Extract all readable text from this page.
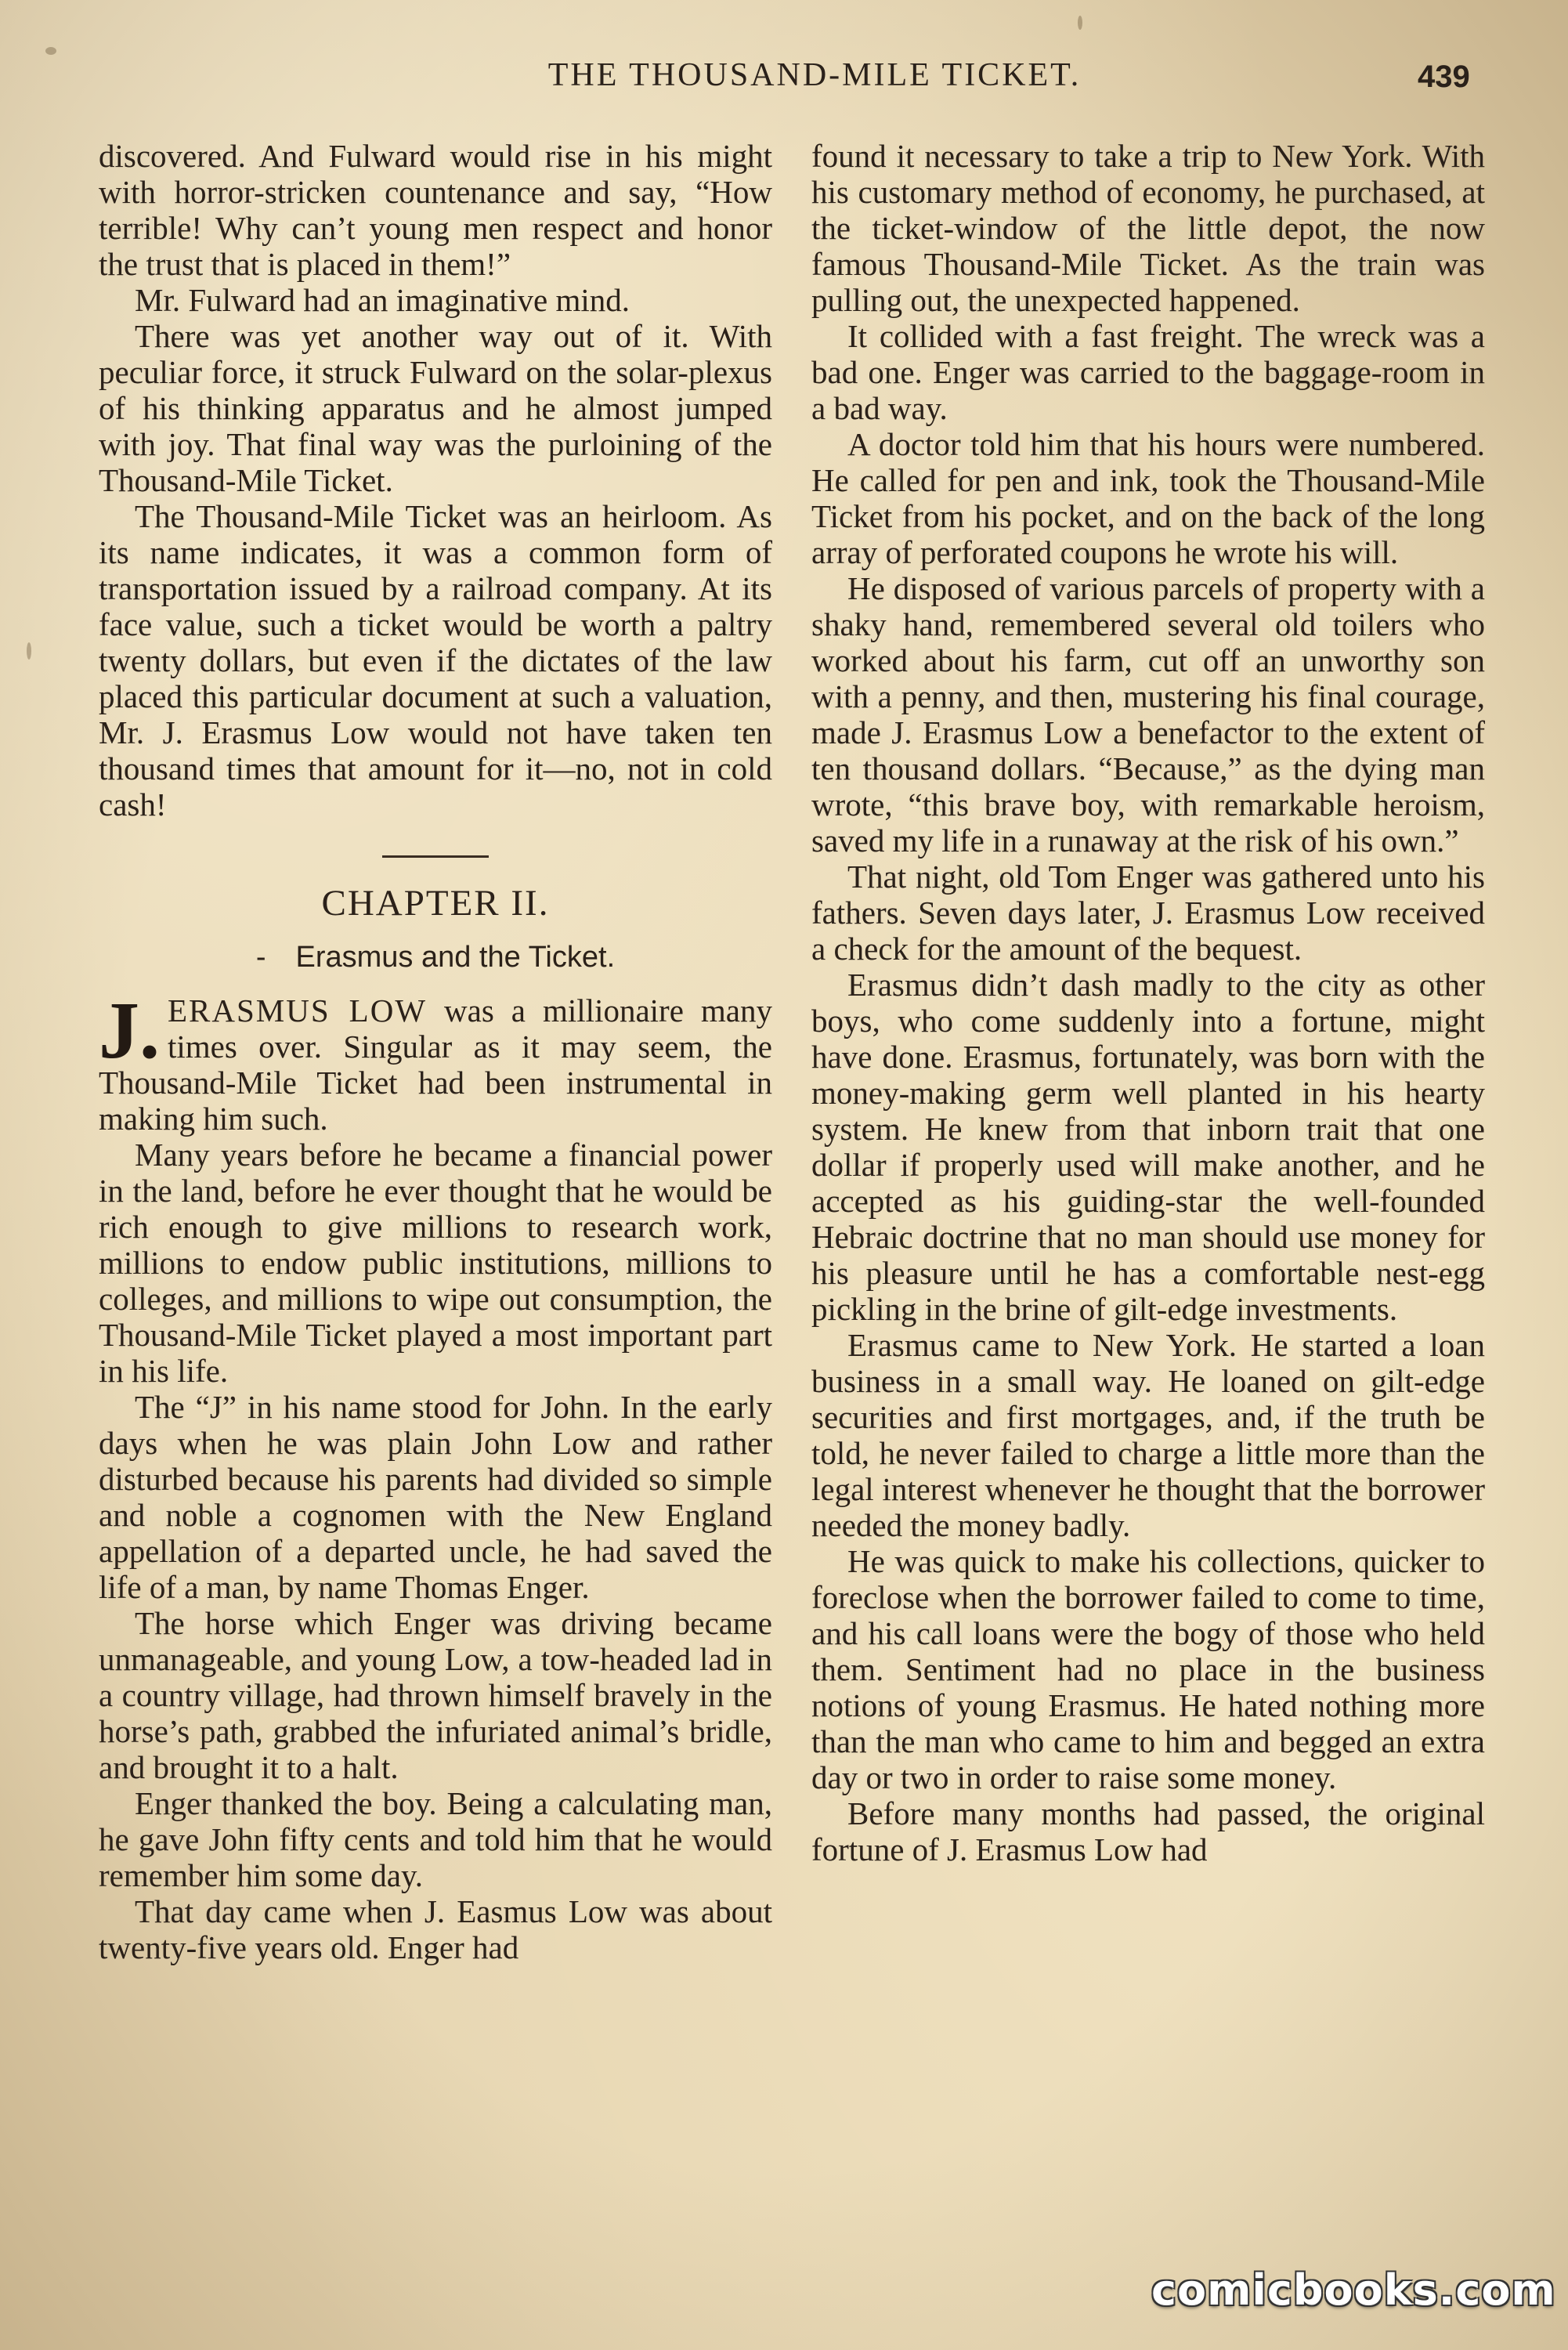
THE THOUSAND-MILE TICKET.	439

discovered. And Fulward would rise in his might with horror-stricken countenance and say, “How terrible! Why can’t young men respect and honor the trust that is placed in them!”

Mr. Fulward had an imaginative mind.

There was yet another way out of it. With peculiar force, it struck Fulward on the solar-plexus of his thinking apparatus and he almost jumped with joy. That final way was the purloining of the Thousand-Mile Ticket.

The Thousand-Mile Ticket was an heirloom. As its name indicates, it was a common form of transportation issued by a railroad company. At its face value, such a ticket would be worth a paltry twenty dollars, but even if the dictates of the law placed this particular document at such a valuation, Mr. J. Erasmus Low would not have taken ten thousand times that amount for it—no, not in cold cash!

CHAPTER II.
- Erasmus and the Ticket.

J. ERASMUS LOW was a millionaire many times over. Singular as it may seem, the Thousand-Mile Ticket had been instrumental in making him such.

Many years before he became a financial power in the land, before he ever thought that he would be rich enough to give millions to research work, millions to endow public institutions, millions to colleges, and millions to wipe out consumption, the Thousand-Mile Ticket played a most important part in his life.

The “J” in his name stood for John. In the early days when he was plain John Low and rather disturbed because his parents had divided so simple and noble a cognomen with the New England appellation of a departed uncle, he had saved the life of a man, by name Thomas Enger.

The horse which Enger was driving became unmanageable, and young Low, a tow-headed lad in a country village, had thrown himself bravely in the horse’s path, grabbed the infuriated animal’s bridle, and brought it to a halt.

Enger thanked the boy. Being a calculating man, he gave John fifty cents and told him that he would remember him some day.

That day came when J. Easmus Low was about twenty-five years old. Enger had

found it necessary to take a trip to New York. With his customary method of economy, he purchased, at the ticket-window of the little depot, the now famous Thousand-Mile Ticket. As the train was pulling out, the unexpected happened.

It collided with a fast freight. The wreck was a bad one. Enger was carried to the baggage-room in a bad way.

A doctor told him that his hours were numbered. He called for pen and ink, took the Thousand-Mile Ticket from his pocket, and on the back of the long array of perforated coupons he wrote his will.

He disposed of various parcels of property with a shaky hand, remembered several old toilers who worked about his farm, cut off an unworthy son with a penny, and then, mustering his final courage, made J. Erasmus Low a benefactor to the extent of ten thousand dollars. “Because,” as the dying man wrote, “this brave boy, with remarkable heroism, saved my life in a runaway at the risk of his own.”

That night, old Tom Enger was gathered unto his fathers. Seven days later, J. Erasmus Low received a check for the amount of the bequest.

Erasmus didn’t dash madly to the city as other boys, who come suddenly into a fortune, might have done. Erasmus, fortunately, was born with the money-making germ well planted in his hearty system. He knew from that inborn trait that one dollar if properly used will make another, and he accepted as his guiding-star the well-founded Hebraic doctrine that no man should use money for his pleasure until he has a comfortable nest-egg pickling in the brine of gilt-edge investments.

Erasmus came to New York. He started a loan business in a small way. He loaned on gilt-edge securities and first mortgages, and, if the truth be told, he never failed to charge a little more than the legal interest whenever he thought that the borrower needed the money badly.

He was quick to make his collections, quicker to foreclose when the borrower failed to come to time, and his call loans were the bogy of those who held them. Sentiment had no place in the business notions of young Erasmus. He hated nothing more than the man who came to him and begged an extra day or two in order to raise some money.

Before many months had passed, the original fortune of J. Erasmus Low had

comicbooks.com
